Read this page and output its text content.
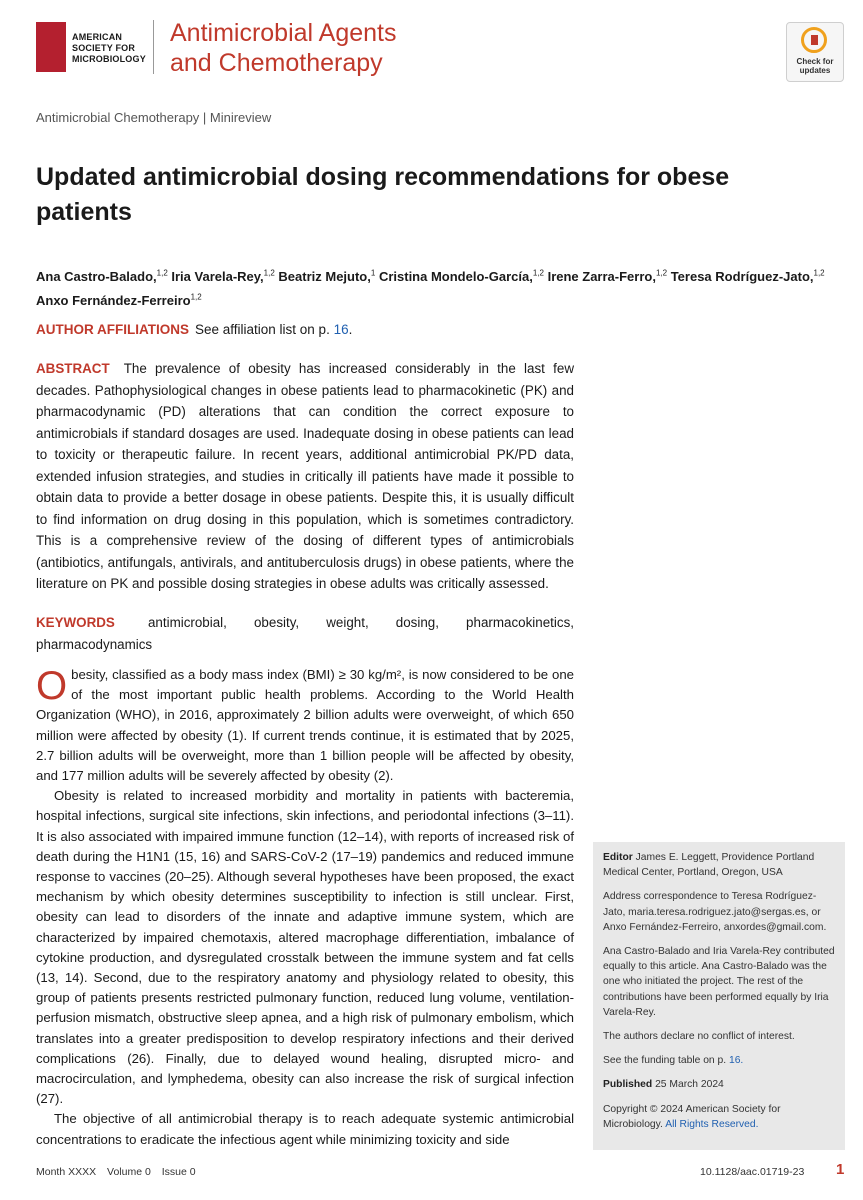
AMERICAN
SOCIETY FOR
MICROBIOLOGY
Antimicrobial Agents
and Chemotherapy	Check for
updates
Antimicrobial Chemotherapy | Minireview
Updated antimicrobial dosing recommendations for obese patients
Ana Castro-Balado,$^{1,2}$ Iria Varela-Rey,$^{1,2}$ Beatriz Mejuto,$^1$ Cristina Mondelo-García,$^{1,2}$ Irene Zarra-Ferro,$^{1,2}$ Teresa Rodríguez-Jato,$^{1,2}$ Anxo Fernández-Ferreiro$^{1,2}$
AUTHOR AFFILIATIONS See affiliation list on p. 16.

ABSTRACT The prevalence of obesity has increased considerably in the last few decades. Pathophysiological changes in obese patients lead to pharmacokinetic (PK) and pharmacodynamic (PD) alterations that can condition the correct exposure to antimicrobials if standard dosages are used. Inadequate dosing in obese patients can lead to toxicity or therapeutic failure. In recent years, additional antimicrobial PK/PD data, extended infusion strategies, and studies in critically ill patients have made it possible to obtain data to provide a better dosage in obese patients. Despite this, it is usually difficult to find information on drug dosing in this population, which is sometimes contradictory. This is a comprehensive review of the dosing of different types of antimicrobials (antibiotics, antifungals, antivirals, and antituberculosis drugs) in obese patients, where the literature on PK and possible dosing strategies in obese adults was critically assessed.

KEYWORDS antimicrobial, obesity, weight, dosing, pharmacokinetics, pharmacodynamics

Obesity, classified as a body mass index (BMI) ≥ 30 kg/m², is now considered to be one of the most important public health problems. According to the World Health Organization (WHO), in 2016, approximately 2 billion adults were overweight, of which 650 million were affected by obesity (1). If current trends continue, it is estimated that by 2025, 2.7 billion adults will be overweight, more than 1 billion people will be affected by obesity, and 177 million adults will be severely affected by obesity (2).

Obesity is related to increased morbidity and mortality in patients with bacteremia, hospital infections, surgical site infections, skin infections, and periodontal infections (3–11). It is also associated with impaired immune function (12–14), with reports of increased risk of death during the H1N1 (15, 16) and SARS-CoV-2 (17–19) pandemics and reduced immune response to vaccines (20–25). Although several hypotheses have been proposed, the exact mechanism by which obesity determines susceptibility to infection is still unclear. First, obesity can lead to disorders of the innate and adaptive immune system, which are characterized by impaired chemotaxis, altered macrophage differentiation, imbalance of cytokine production, and dysregulated crosstalk between the immune system and fat cells (13, 14). Second, due to the respiratory anatomy and physiology related to obesity, this group of patients presents restricted pulmonary function, reduced lung volume, ventilation-perfusion mismatch, obstructive sleep apnea, and a high risk of pulmonary embolism, which translates into a greater predisposition to develop respiratory infections and their derived complications (26). Finally, due to delayed wound healing, disrupted micro- and macrocirculation, and lymphedema, obesity can also increase the risk of surgical infection (27).

The objective of all antimicrobial therapy is to reach adequate systemic antimicrobial concentrations to eradicate the infectious agent while minimizing toxicity and side

Editor James E. Leggett, Providence Portland Medical Center, Portland, Oregon, USA

Address correspondence to Teresa Rodríguez-Jato, maria.teresa.rodriguez.jato@sergas.es, or Anxo Fernández-Ferreiro, anxordes@gmail.com.

Ana Castro-Balado and Iria Varela-Rey contributed equally to this article. Ana Castro-Balado was the one who initiated the project. The rest of the contributions have been performed equally by Iria Varela-Rey.

The authors declare no conflict of interest.

See the funding table on p. 16.

Published 25 March 2024

Copyright © 2024 American Society for Microbiology. All Rights Reserved.

Month XXXX Volume 0 Issue 0	10.1128/aac.01719-23 1
